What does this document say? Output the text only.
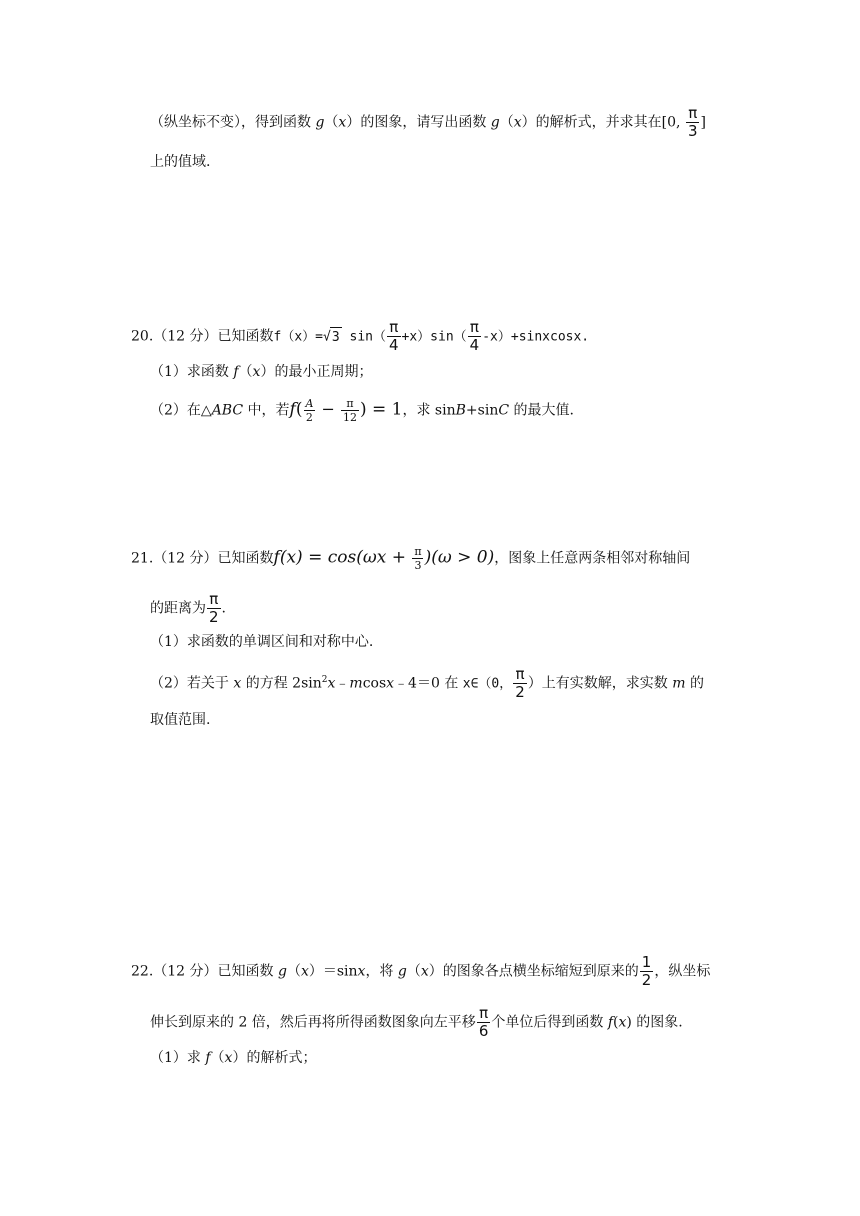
（纵坐标不变），得到函数 g（x）的图象，请写出函数 g（x）的解析式，并求其在[0, $\frac{\pi}{3}$ ]
上的值域.
20.（12 分）已知函数f（x）=√3 $\sin( \frac{\pi}{4} +x)\sin( \frac{\pi}{4}$ -x）+sinxcosx.
（1）求函数 f（x）的最小正周期；
（2）在△ABC 中，若$f( \frac{A}{2} - \frac{\pi}{12}$ ) = 1，求 sinB+sinC 的最大值.
21.（12 分）已知函数$f(x) = \cos(\omega x + \frac{\pi}{3} )(\omega > 0)$，图象上任意两条相邻对称轴间
的距离为 $\frac{\pi}{2}$ .
（1）求函数的单调区间和对称中心.
（2）若关于 x 的方程 $2\sin^2x﹣mcosx﹣4=0$ 在 x∈（0， $\frac{\pi}{2}$ ）上有实数解，求实数 m 的
取值范围.
22.（12 分）已知函数 g（x）＝sinx，将 g（x）的图象各点横坐标缩短到原来的 $\frac{1}{2}$ ，纵坐标
伸长到原来的 2 倍，然后再将所得函数图象向左平移 $\frac{\pi}{6}$ 个单位后得到函数 f(x) 的图象.
（1）求 f（x）的解析式；
